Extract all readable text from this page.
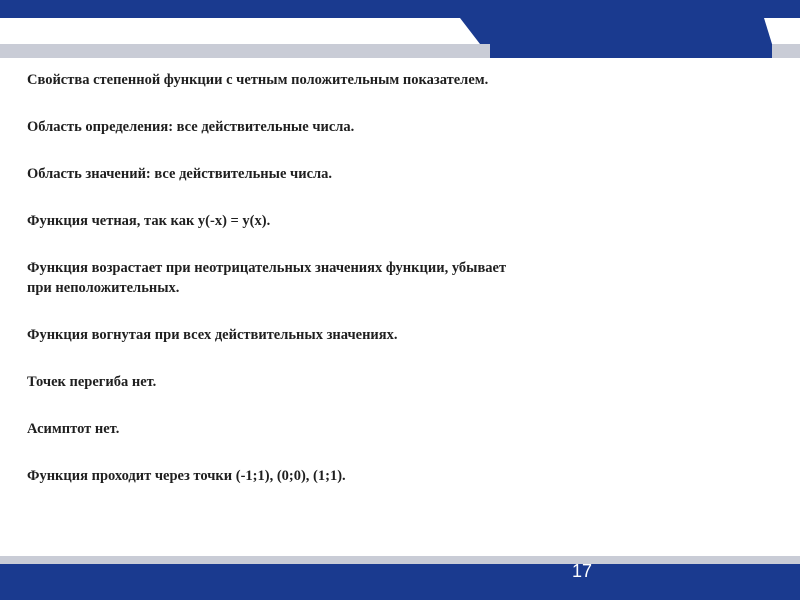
Свойства степенной функции с четным положительным показателем.

Область определения: все действительные числа.

Область значений: все действительные числа.

Функция четная, так как у(-х) = у(х).

Функция возрастает при неотрицательных значениях функции, убывает

при неположительных.

Функция вогнутая при всех действительных значениях.

Точек перегиба нет.

Асимптот нет.

Функция проходит через точки (-1;1), (0;0), (1;1).

17
